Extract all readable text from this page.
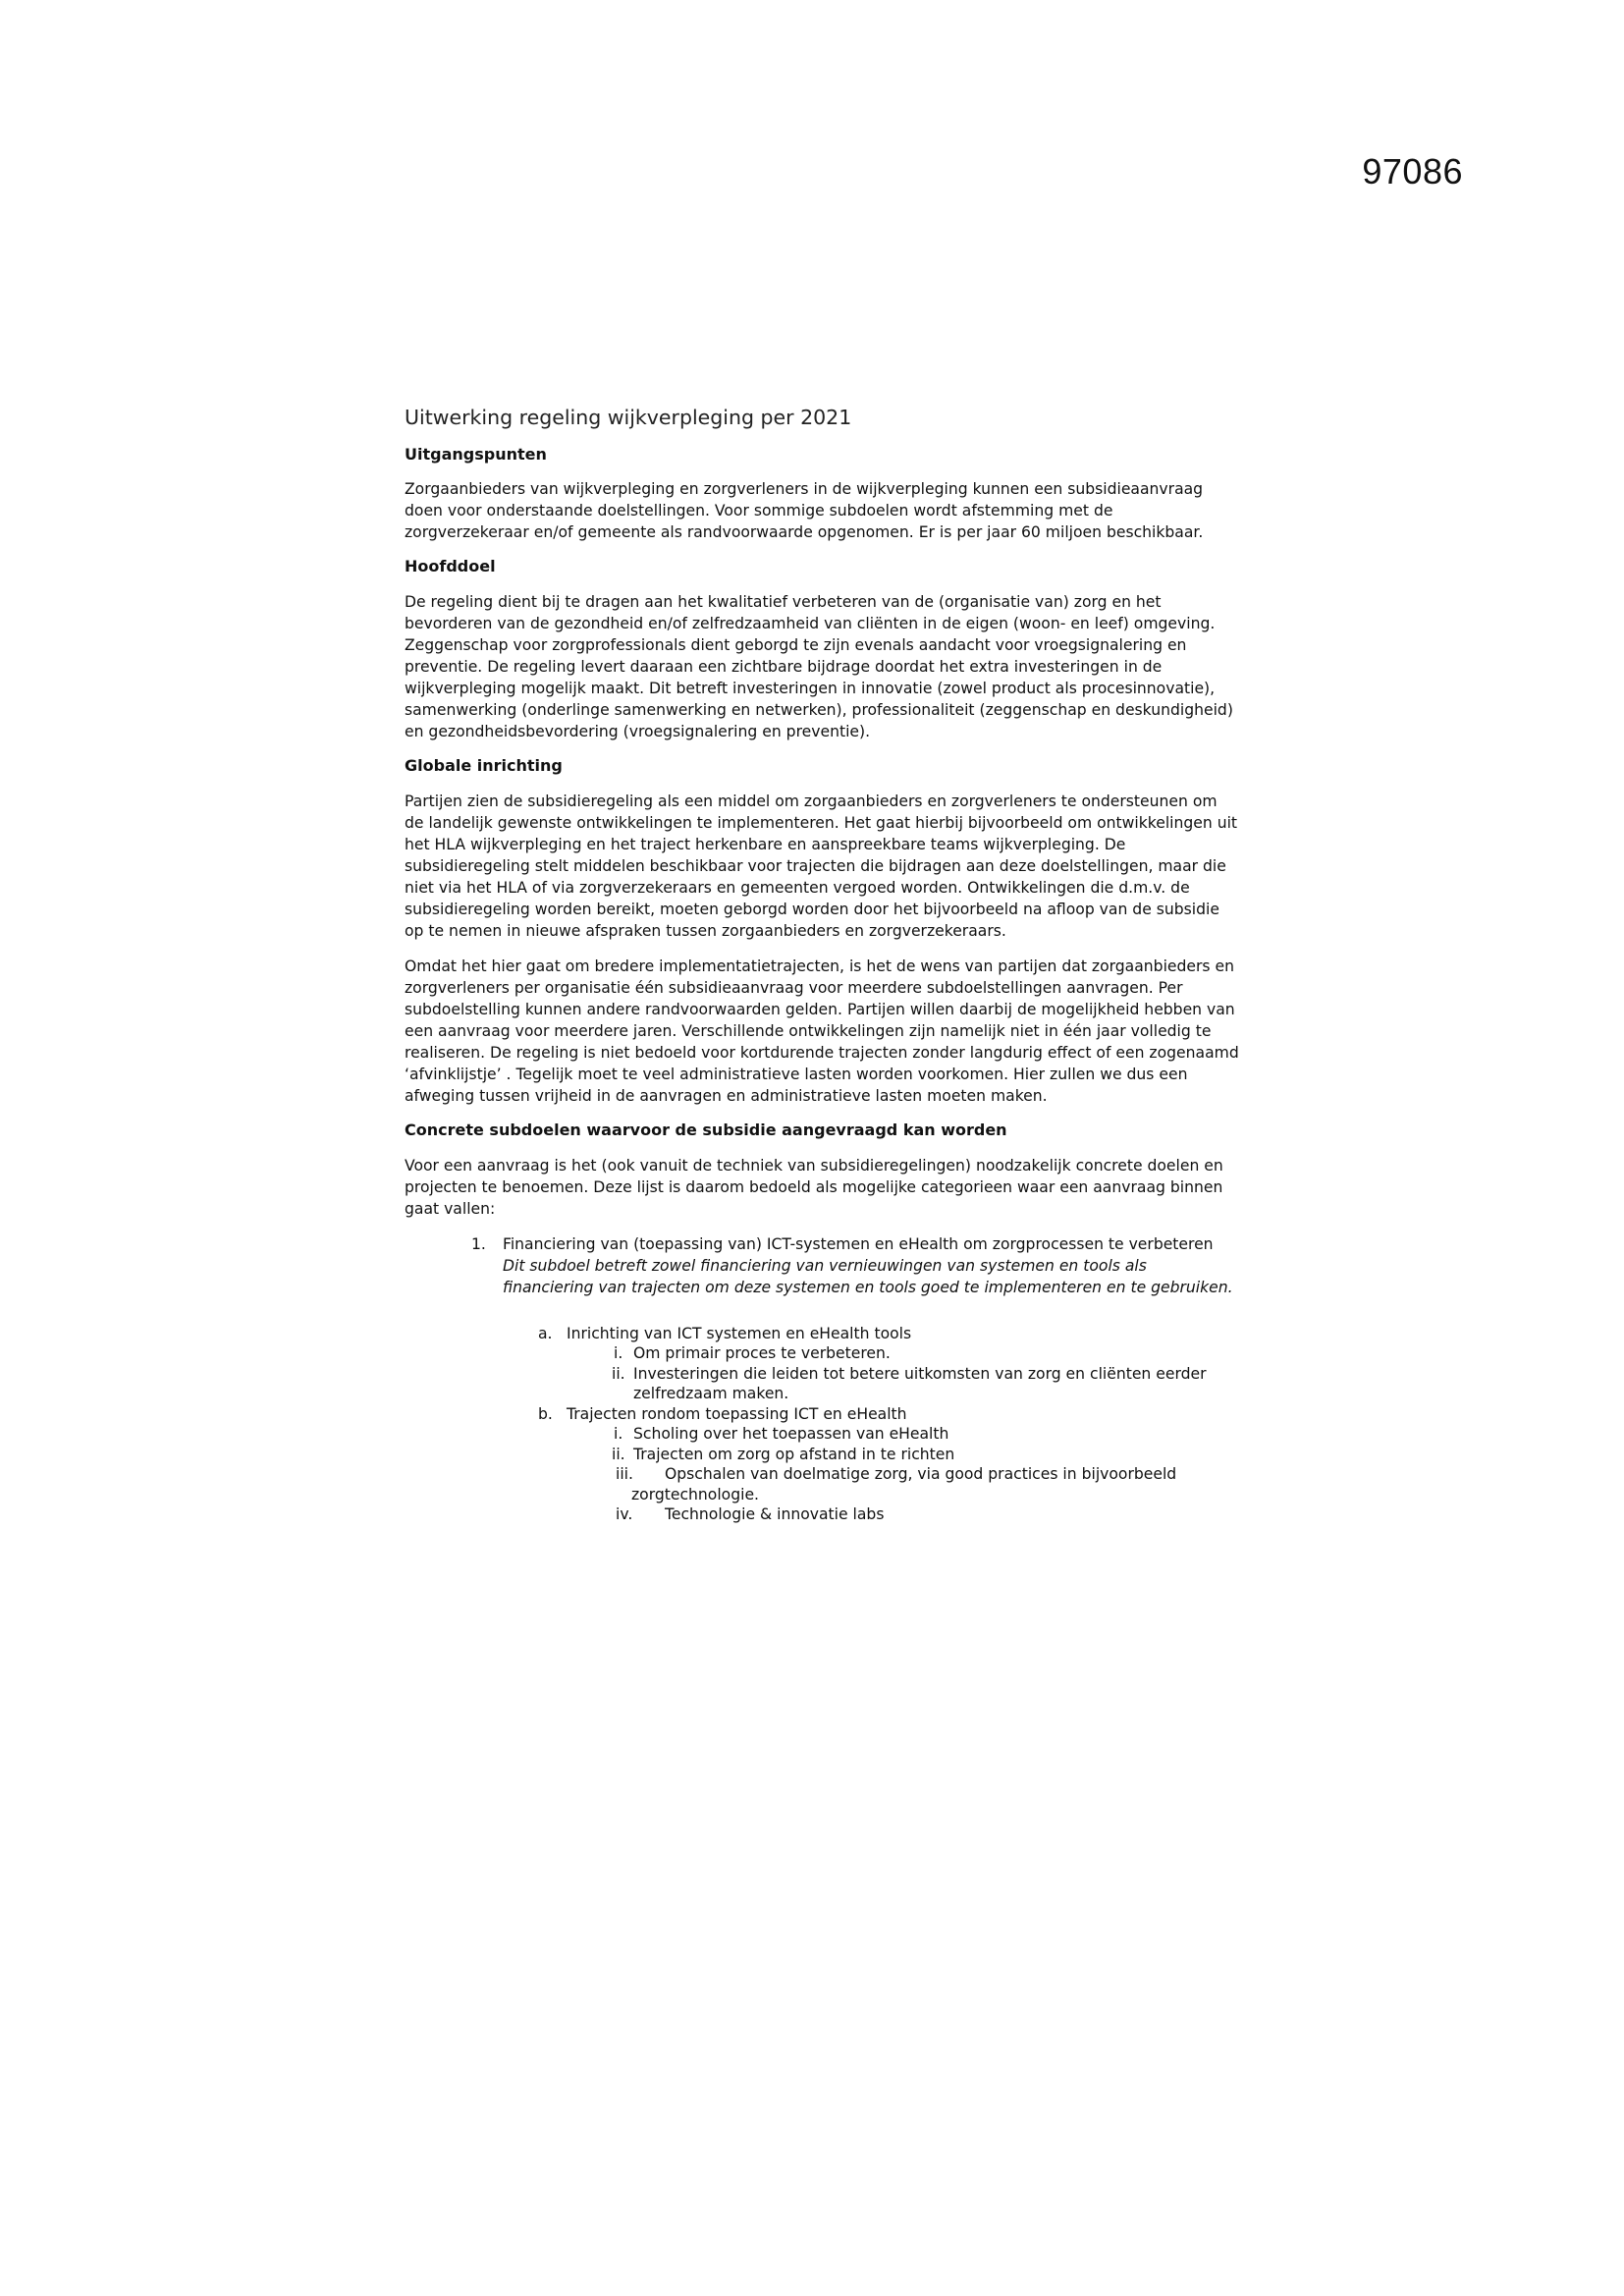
97086
Uitwerking regeling wijkverpleging per 2021
Uitgangspunten

Zorgaanbieders van wijkverpleging en zorgverleners in de wijkverpleging kunnen een subsidieaanvraag doen voor onderstaande doelstellingen. Voor sommige subdoelen wordt afstemming met de zorgverzekeraar en/of gemeente als randvoorwaarde opgenomen. Er is per jaar 60 miljoen beschikbaar.

Hoofddoel

De regeling dient bij te dragen aan het kwalitatief verbeteren van de (organisatie van) zorg en het bevorderen van de gezondheid en/of zelfredzaamheid van cliënten in de eigen (woon- en leef) omgeving. Zeggenschap voor zorgprofessionals dient geborgd te zijn evenals aandacht voor vroegsignalering en preventie. De regeling levert daaraan een zichtbare bijdrage doordat het extra investeringen in de wijkverpleging mogelijk maakt. Dit betreft investeringen in innovatie (zowel product als procesinnovatie), samenwerking (onderlinge samenwerking en netwerken), professionaliteit (zeggenschap en deskundigheid) en gezondheidsbevordering (vroegsignalering en preventie).

Globale inrichting

Partijen zien de subsidieregeling als een middel om zorgaanbieders en zorgverleners te ondersteunen om de landelijk gewenste ontwikkelingen te implementeren. Het gaat hierbij bijvoorbeeld om ontwikkelingen uit het HLA wijkverpleging en het traject herkenbare en aanspreekbare teams wijkverpleging. De subsidieregeling stelt middelen beschikbaar voor trajecten die bijdragen aan deze doelstellingen, maar die niet via het HLA of via zorgverzekeraars en gemeenten vergoed worden. Ontwikkelingen die d.m.v. de subsidieregeling worden bereikt, moeten geborgd worden door het bijvoorbeeld na afloop van de subsidie op te nemen in nieuwe afspraken tussen zorgaanbieders en zorgverzekeraars.

Omdat het hier gaat om bredere implementatietrajecten, is het de wens van partijen dat zorgaanbieders en zorgverleners per organisatie één subsidieaanvraag voor meerdere subdoelstellingen aanvragen. Per subdoelstelling kunnen andere randvoorwaarden gelden. Partijen willen daarbij de mogelijkheid hebben van een aanvraag voor meerdere jaren. Verschillende ontwikkelingen zijn namelijk niet in één jaar volledig te realiseren. De regeling is niet bedoeld voor kortdurende trajecten zonder langdurig effect of een zogenaamd ‘afvinklijstje’ . Tegelijk moet te veel administratieve lasten worden voorkomen. Hier zullen we dus een afweging tussen vrijheid in de aanvragen en administratieve lasten moeten maken.

Concrete subdoelen waarvoor de subsidie aangevraagd kan worden

Voor een aanvraag is het (ook vanuit de techniek van subsidieregelingen) noodzakelijk concrete doelen en projecten te benoemen. Deze lijst is daarom bedoeld als mogelijke categorieen waar een aanvraag binnen gaat vallen:

1. Financiering van (toepassing van) ICT-systemen en eHealth om zorgprocessen te verbeteren
Dit subdoel betreft zowel financiering van vernieuwingen van systemen en tools als financiering van trajecten om deze systemen en tools goed te implementeren en te gebruiken.
a. Inrichting van ICT systemen en eHealth tools
i. Om primair proces te verbeteren.
ii. Investeringen die leiden tot betere uitkomsten van zorg en cliënten eerder zelfredzaam maken.
b. Trajecten rondom toepassing ICT en eHealth
i. Scholing over het toepassen van eHealth
ii. Trajecten om zorg op afstand in te richten
iii. Opschalen van doelmatige zorg, via good practices in bijvoorbeeld
zorgtechnologie.
iv. Technologie & innovatie labs
